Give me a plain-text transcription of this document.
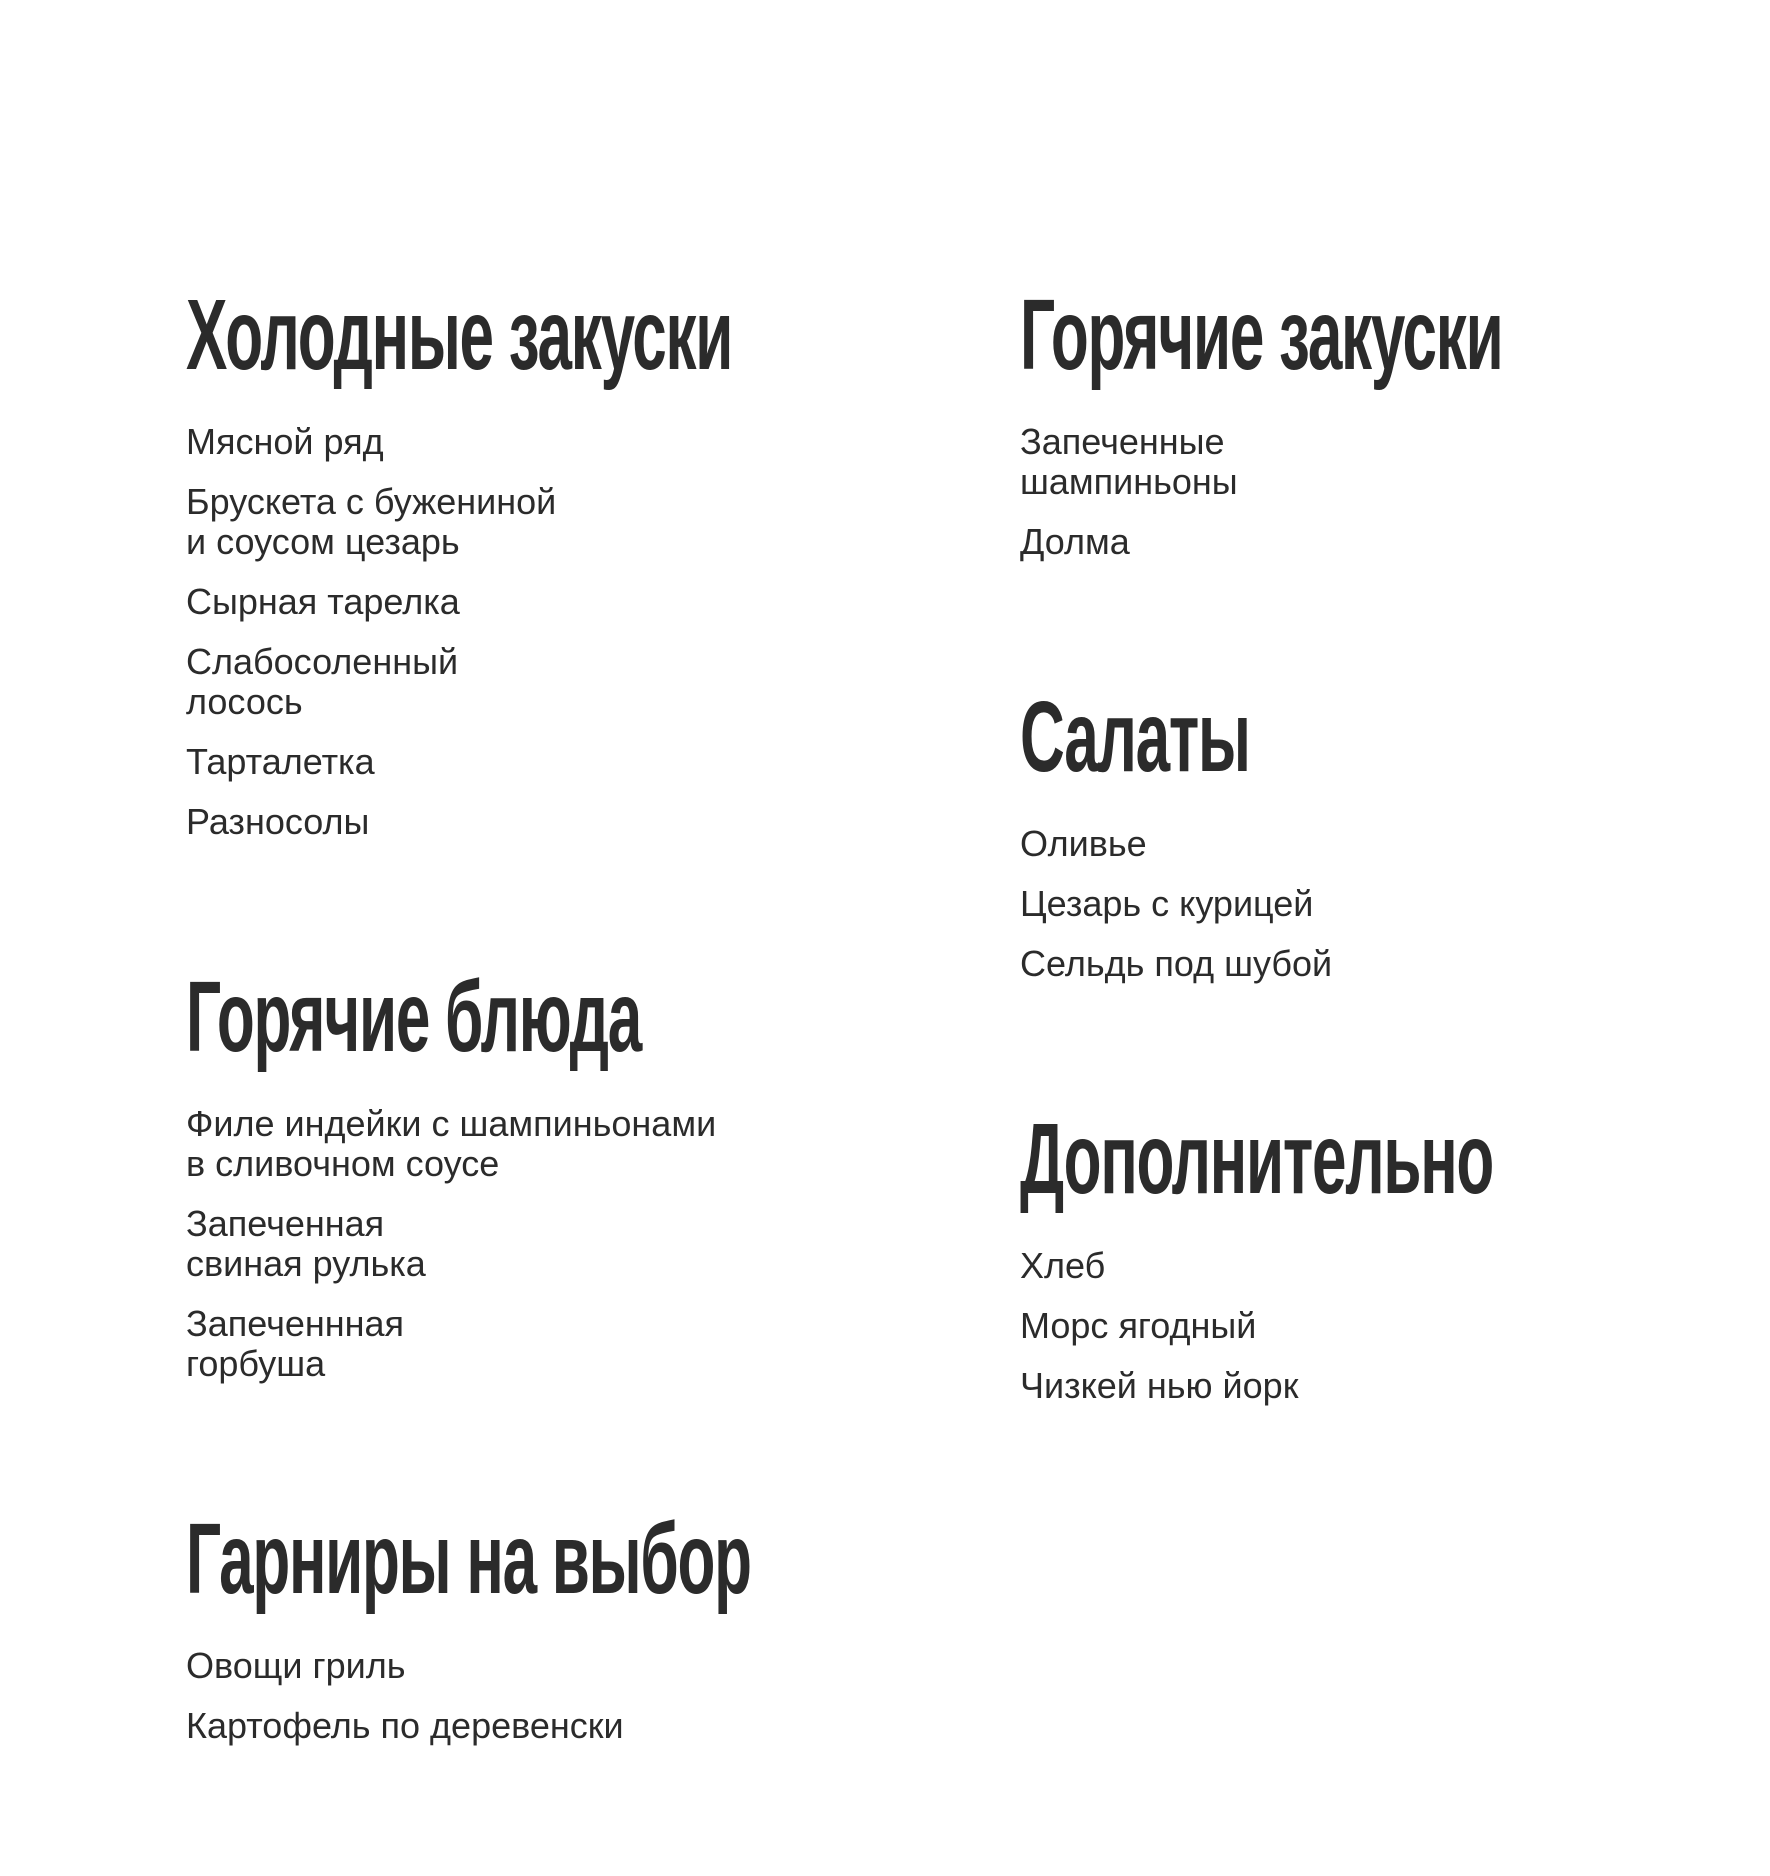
Холодные закуски
Мясной ряд
Брускета с бужениной
и соусом цезарь
Сырная тарелка
Слабосоленный
лосось
Тарталетка
Разносолы
Горячие блюда
Филе индейки с шампиньонами
в сливочном соусе
Запеченная
свиная рулька
Запеченнная
горбуша
Гарниры на выбор
Овощи гриль
Картофель по деревенски
Горячие закуски
Запеченные
шампиньоны
Долма
Салаты
Оливье
Цезарь с курицей
Сельдь под шубой
Дополнительно
Хлеб
Морс ягодный
Чизкей нью йорк
